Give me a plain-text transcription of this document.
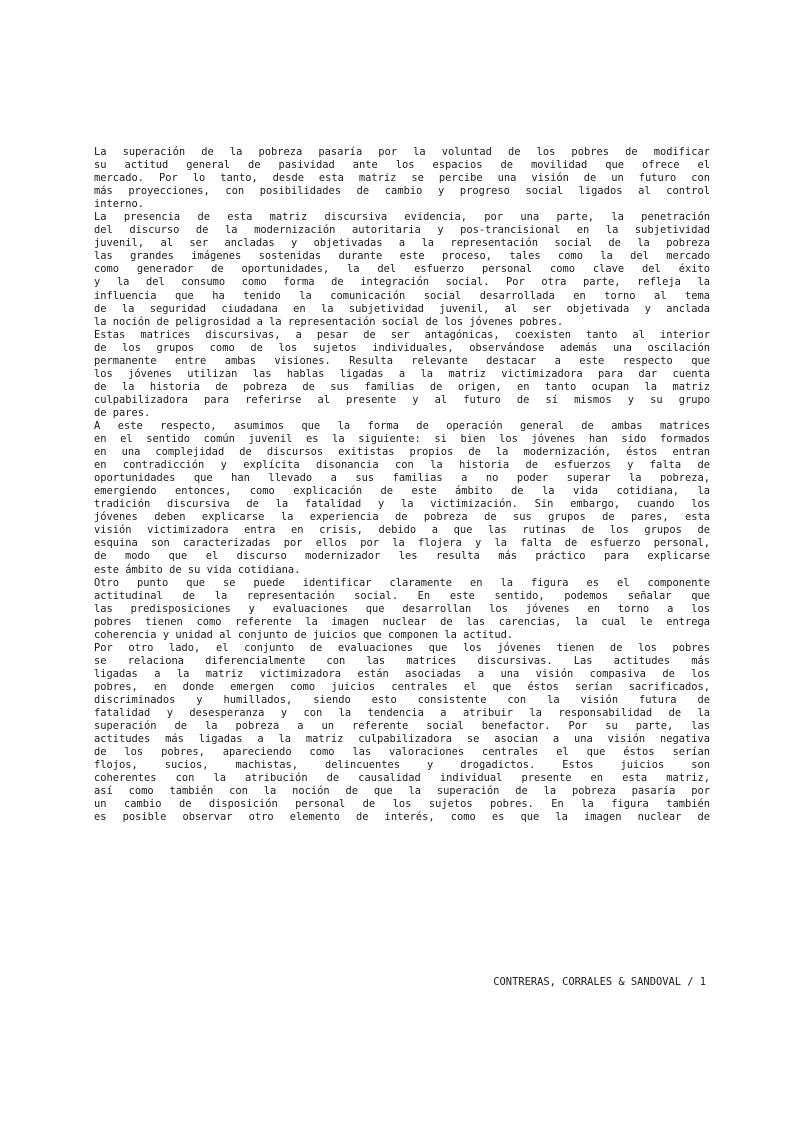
La superación de la pobreza pasaría por la voluntad de los pobres de modificar
su actitud general de pasividad ante los espacios de movilidad que ofrece el
mercado. Por lo tanto, desde esta matriz se percibe una visión de un futuro con
más proyecciones, con posibilidades de cambio y progreso social ligados al control
interno.
La presencia de esta matriz discursiva evidencia, por una parte, la penetración
del discurso de la modernización autoritaria y pos-trancisional en la subjetividad
juvenil, al ser ancladas y objetivadas a la representación social de la pobreza
las grandes imágenes sostenidas durante este proceso, tales como la del mercado
como generador de oportunidades, la del esfuerzo personal como clave del éxito
y la del consumo como forma de integración social. Por otra parte, refleja la
influencia que ha tenido la comunicación social desarrollada en torno al tema
de la seguridad ciudadana en la subjetividad juvenil, al ser objetivada y anclada
la noción de peligrosidad a la representación social de los jóvenes pobres.
Estas matrices discursivas, a pesar de ser antagónicas, coexisten tanto al interior
de los grupos como de los sujetos individuales, observándose además una oscilación
permanente entre ambas visiones. Resulta relevante destacar a este respecto que
los jóvenes utilizan las hablas ligadas a la matriz victimizadora para dar cuenta
de la historia de pobreza de sus familias de origen, en tanto ocupan la matriz
culpabilizadora para referirse al presente y al futuro de sí mismos y su grupo
de pares.
A este respecto, asumimos que la forma de operación general de ambas matrices
en el sentido común juvenil es la siguiente: si bien los jóvenes han sido formados
en una complejidad de discursos exitistas propios de la modernización, éstos entran
en contradicción y explícita disonancia con la historia de esfuerzos y falta de
oportunidades que han llevado a sus familias a no poder superar la pobreza,
emergiendo entonces, como explicación de este ámbito de la vida cotidiana, la
tradición discursiva de la fatalidad y la victimización. Sin embargo, cuando los
jóvenes deben explicarse la experiencia de pobreza de sus grupos de pares, esta
visión victimizadora entra en crisis, debido a que las rutinas de los grupos de
esquina son caracterizadas por ellos por la flojera y la falta de esfuerzo personal,
de modo que el discurso modernizador les resulta más práctico para explicarse
este ámbito de su vida cotidiana.
Otro punto que se puede identificar claramente en la figura es el componente
actitudinal de la representación social. En este sentido, podemos señalar que
las predisposiciones y evaluaciones que desarrollan los jóvenes en torno a los
pobres tienen como referente la imagen nuclear de las carencias, la cual le entrega
coherencia y unidad al conjunto de juicios que componen la actitud.
Por otro lado, el conjunto de evaluaciones que los jóvenes tienen de los pobres
se relaciona diferencialmente con las matrices discursivas. Las actitudes más
ligadas a la matriz victimizadora están asociadas a una visión compasiva de los
pobres, en donde emergen como juicios centrales el que éstos serían sacrificados,
discriminados y humillados, siendo esto consistente con la visión futura de
fatalidad y desesperanza y con la tendencia a atribuir la responsabilidad de la
superación de la pobreza a un referente social benefactor. Por su parte, las
actitudes más ligadas a la matriz culpabilizadora se asocian a una visión negativa
de los pobres, apareciendo como las valoraciones centrales el que éstos serían
flojos, sucios, machistas, delincuentes y drogadictos. Estos juicios son
coherentes con la atribución de causalidad individual presente en esta matriz,
así como también con la noción de que la superación de la pobreza pasaría por
un cambio de disposición personal de los sujetos pobres. En la figura también
es posible observar otro elemento de interés, como es que la imagen nuclear de
CONTRERAS, CORRALES & SANDOVAL / 1
